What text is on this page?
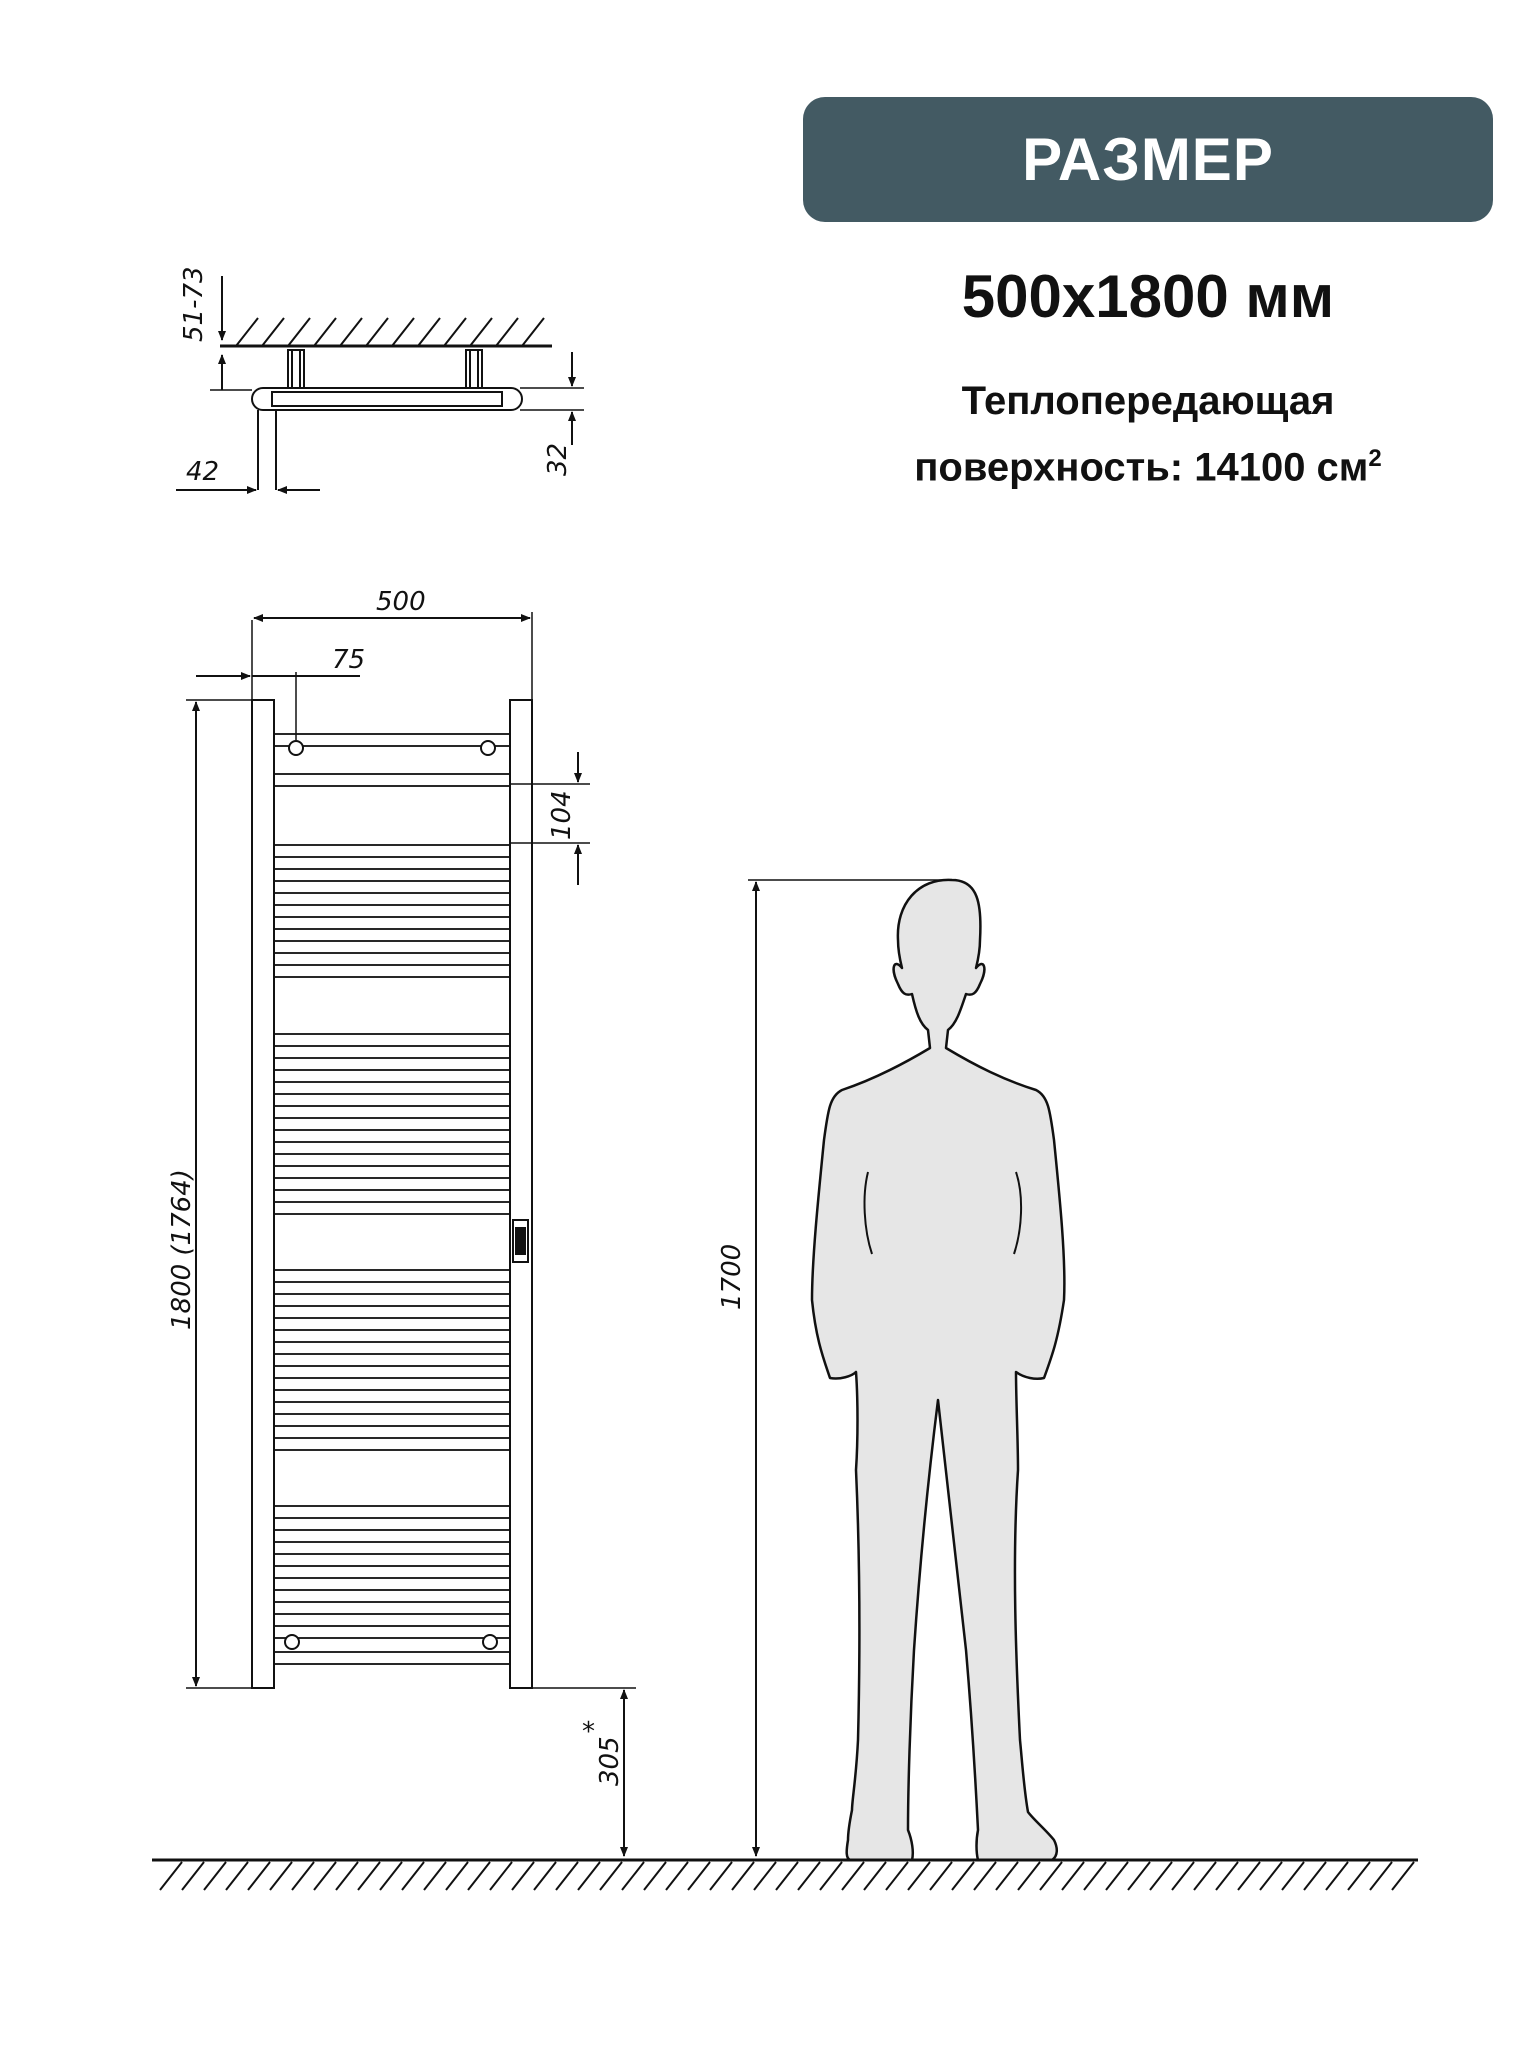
РАЗМЕР
500x1800 мм
Теплопередающая
поверхность: 14100 $см^2$
51-73
32
42
500
75
104
1800 (1764)
305
*
1700
